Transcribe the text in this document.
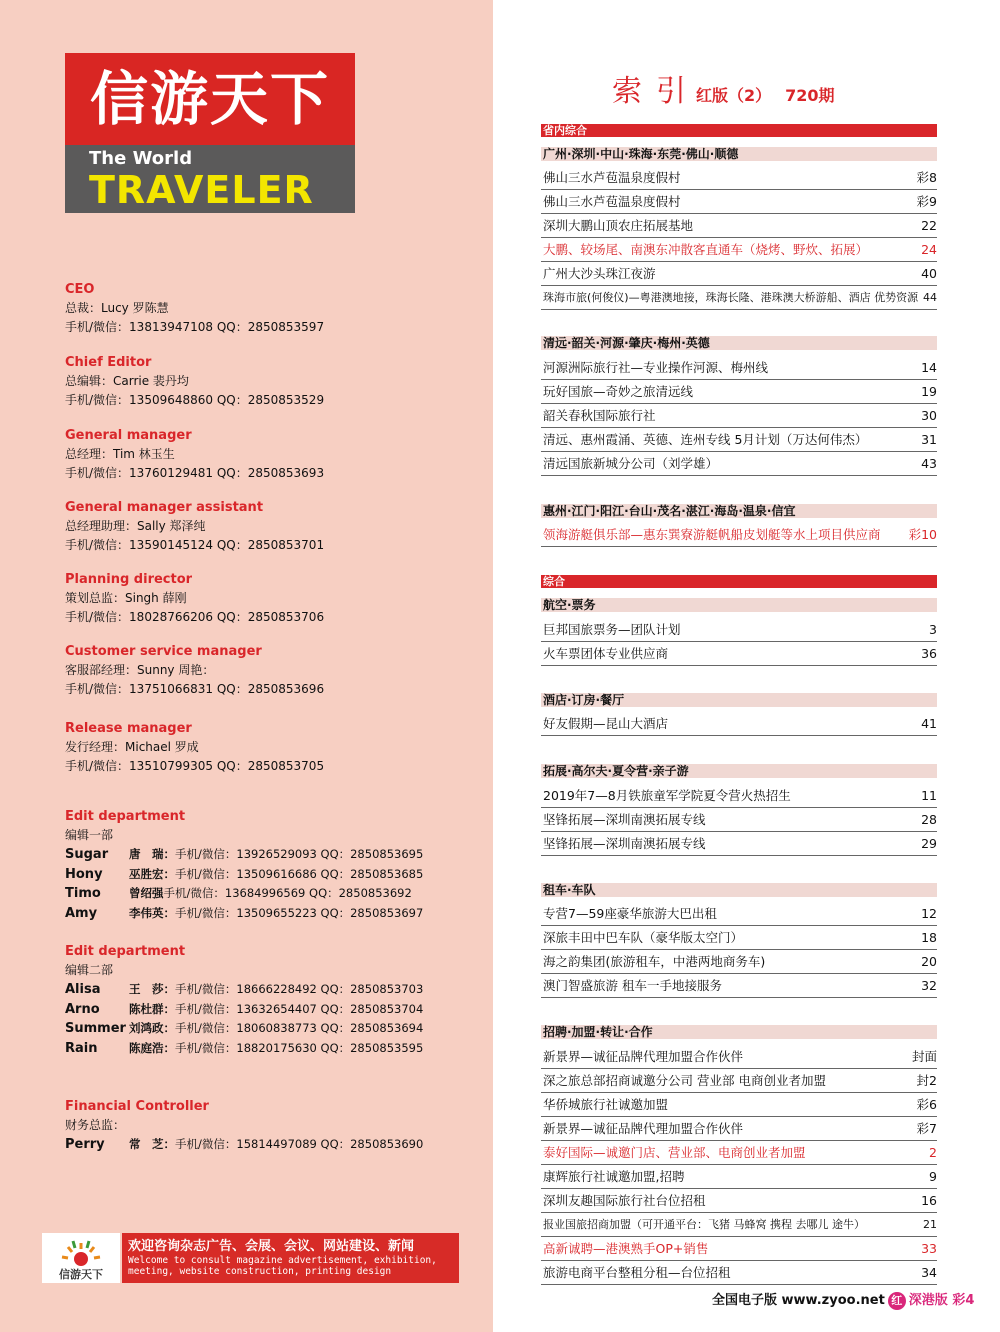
信游天下
The World
TRAVELER
CEO
总裁：Lucy 罗陈慧
手机/微信：13813947108 QQ：2850853597
Chief Editor
总编辑：Carrie 裴丹均
手机/微信：13509648860 QQ：2850853529
General manager
总经理：Tim 林玉生
手机/微信：13760129481 QQ：2850853693
General manager assistant
总经理助理：Sally 郑泽纯
手机/微信：13590145124 QQ：2850853701
Planning director
策划总监：Singh 薛刚
手机/微信：18028766206 QQ：2850853706
Customer service manager
客服部经理：Sunny 周艳：
手机/微信：13751066831 QQ：2850853696
Release manager
发行经理：Michael 罗成
手机/微信：13510799305 QQ：2850853705
Edit department
编辑一部
Sugar 唐　瑞：手机/微信：13926529093 QQ：2850853695
Hony 巫胜宏：手机/微信：13509616686 QQ：2850853685
Timo 曾绍强手机/微信：13684996569 QQ：2850853692
Amy	李伟英：手机/微信：13509655223 QQ：2850853697
Edit department
编辑二部
Alisa 王　莎：手机/微信：18666228492 QQ：2850853703
Arno	陈杜群：手机/微信：13632654407 QQ：2850853704
Summer 刘鸿政：手机/微信：18060838773 QQ：2850853694
Rain	陈庭浩：手机/微信：18820175630 QQ：2850853595
Financial Controller
财务总监：
Perry 常　芝：手机/微信：15814497089 QQ：2850853690
信游天下
欢迎咨询杂志广告、会展、会议、网站建设、新闻
Welcome to consult magazine advertisement, exhibition, meeting, website construction, printing design
索引红版（2） 720期
省内综合
广州·深圳·中山·珠海·东莞·佛山·顺德
佛山三水芦苞温泉度假村	彩8
佛山三水芦苞温泉度假村	彩9
深圳大鹏山顶农庄拓展基地	22
大鹏、较场尾、南澳东冲散客直通车（烧烤、野炊、拓展）	24
广州大沙头珠江夜游	40
珠海市旅(何俊仪)—粤港澳地接，珠海长隆、港珠澳大桥游船、酒店 优势资源 44
清远·韶关·河源·肇庆·梅州·英德
河源洲际旅行社—专业操作河源、梅州线	14
玩好国旅—奇妙之旅清远线	19
韶关春秋国际旅行社	30
清远、惠州霞涌、英德、连州专线 5月计划（万达何伟杰）	31
清远国旅新城分公司（刘学雄）	43
惠州·江门·阳江·台山·茂名·湛江·海岛·温泉·信宜
领海游艇俱乐部—惠东巽寮游艇帆船皮划艇等水上项目供应商 彩10
综合
航空·票务
巨邦国旅票务—团队计划	3
火车票团体专业供应商	36
酒店·订房·餐厅
好友假期—昆山大酒店	41
拓展·高尔夫·夏令营·亲子游
2019年7—8月铁旅童军学院夏令营火热招生	11
坚锋拓展—深圳南澳拓展专线	28
坚锋拓展—深圳南澳拓展专线	29
租车·车队
专营7—59座豪华旅游大巴出租	12
深旅丰田中巴车队（豪华版太空门）	18
海之韵集团(旅游租车，中港两地商务车)	20
澳门智盛旅游 租车一手地接服务	32
招聘·加盟·转让·合作
新景界—诚征品牌代理加盟合作伙伴	封面
深之旅总部招商诚邀分公司 营业部 电商创业者加盟	封2
华侨城旅行社诚邀加盟	彩6
新景界—诚征品牌代理加盟合作伙伴	彩7
泰好国际—诚邀门店、营业部、电商创业者加盟	2
康辉旅行社诚邀加盟,招聘	9
深圳友趣国际旅行社台位招租	16
报业国旅招商加盟（可开通平台：飞猪 马蜂窝 携程 去哪儿 途牛）	21
高新诚聘—港澳熟手OP+销售	33
旅游电商平台整租分租—台位招租	34
全国电子版 www.zyoo.net 红 深港版 彩4
